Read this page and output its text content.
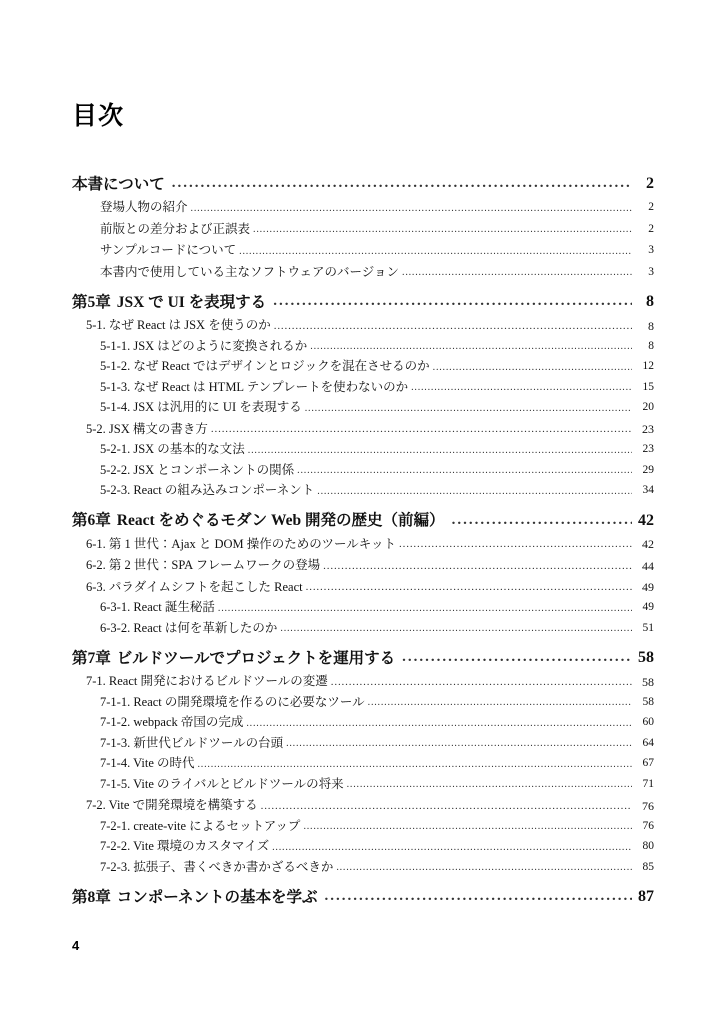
目次
本書について .....	2
登場人物の紹介 .....	2
前版との差分および正誤表 .....	2
サンプルコードについて .....	3
本書内で使用している主なソフトウェアのバージョン .....	3
第5章 JSX で UI を表現する .....	8
5-1. なぜ React は JSX を使うのか .....	8
5-1-1. JSX はどのように変換されるか .....	8
5-1-2. なぜ React ではデザインとロジックを混在させるのか .....	12
5-1-3. なぜ React は HTML テンプレートを使わないのか .....	15
5-1-4. JSX は汎用的に UI を表現する .....	20
5-2. JSX 構文の書き方 .....	23
5-2-1. JSX の基本的な文法 .....	23
5-2-2. JSX とコンポーネントの関係 .....	29
5-2-3. React の組み込みコンポーネント .....	34
第6章 React をめぐるモダン Web 開発の歴史（前編） .....	42
6-1. 第 1 世代：Ajax と DOM 操作のためのツールキット .....	42
6-2. 第 2 世代：SPA フレームワークの登場 .....	44
6-3. パラダイムシフトを起こした React .....	49
6-3-1. React 誕生秘話 .....	49
6-3-2. React は何を革新したのか .....	51
第7章 ビルドツールでプロジェクトを運用する .....	58
7-1. React 開発におけるビルドツールの変遷 .....	58
7-1-1. React の開発環境を作るのに必要なツール .....	58
7-1-2. webpack 帝国の完成 .....	60
7-1-3. 新世代ビルドツールの台頭 .....	64
7-1-4. Vite の時代 .....	67
7-1-5. Vite のライバルとビルドツールの将来 .....	71
7-2. Vite で開発環境を構築する .....	76
7-2-1. create-vite によるセットアップ .....	76
7-2-2. Vite 環境のカスタマイズ .....	80
7-2-3. 拡張子、書くべきか書かざるべきか .....	85
第8章 コンポーネントの基本を学ぶ .....	87
4
